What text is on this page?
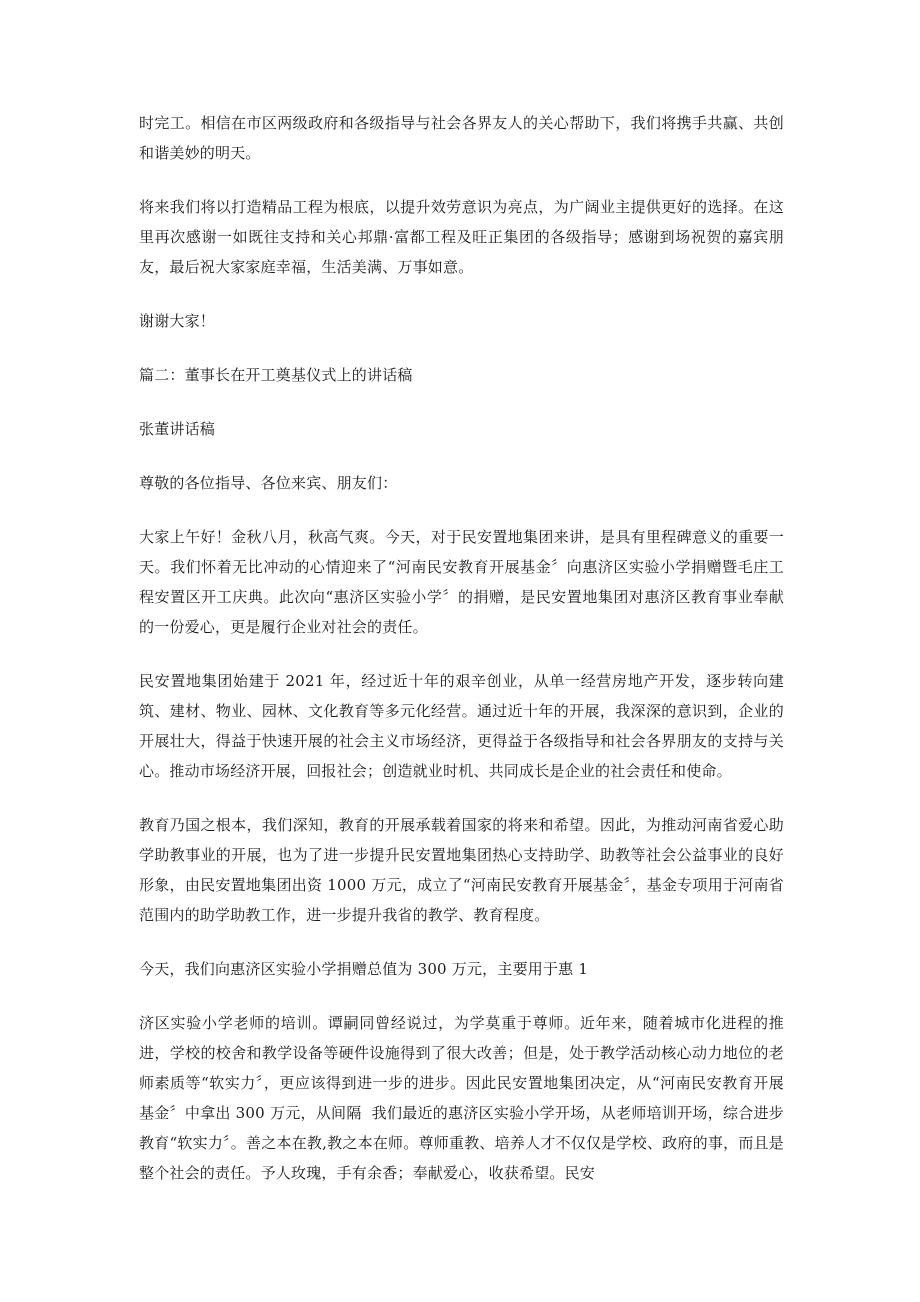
时完工。相信在市区两级政府和各级指导与社会各界友人的关心帮助下，我们将携手共赢、共创和谐美妙的明天。

将来我们将以打造精品工程为根底，以提升效劳意识为亮点，为广阔业主提供更好的选择。在这里再次感谢一如既往支持和关心邦鼎·富都工程及旺正集团的各级指导；感谢到场祝贺的嘉宾朋友，最后祝大家家庭幸福，生活美满、万事如意。

谢谢大家！

篇二：董事长在开工奠基仪式上的讲话稿

张董讲话稿

尊敬的各位指导、各位来宾、朋友们：

大家上午好！金秋八月，秋高气爽。今天，对于民安置地集团来讲，是具有里程碑意义的重要一天。我们怀着无比冲动的心情迎来了“河南民安教育开展基金〞向惠济区实验小学捐赠暨毛庄工程安置区开工庆典。此次向“惠济区实验小学〞的捐赠，是民安置地集团对惠济区教育事业奉献的一份爱心，更是履行企业对社会的责任。

民安置地集团始建于 2021 年，经过近十年的艰辛创业，从单一经营房地产开发，逐步转向建筑、建材、物业、园林、文化教育等多元化经营。通过近十年的开展，我深深的意识到，企业的开展壮大，得益于快速开展的社会主义市场经济，更得益于各级指导和社会各界朋友的支持与关心。推动市场经济开展，回报社会；创造就业时机、共同成长是企业的社会责任和使命。

教育乃国之根本，我们深知，教育的开展承载着国家的将来和希望。因此，为推动河南省爱心助学助教事业的开展，也为了进一步提升民安置地集团热心支持助学、助教等社会公益事业的良好形象，由民安置地集团出资 1000 万元，成立了“河南民安教育开展基金〞，基金专项用于河南省范围内的助学助教工作，进一步提升我省的教学、教育程度。

今天，我们向惠济区实验小学捐赠总值为 300 万元，主要用于惠 1

济区实验小学老师的培训。谭嗣同曾经说过，为学莫重于尊师。近年来，随着城市化进程的推进，学校的校舍和教学设备等硬件设施得到了很大改善；但是，处于教学活动核心动力地位的老师素质等“软实力〞，更应该得到进一步的进步。因此民安置地集团决定，从“河南民安教育开展基金〞中拿出 300 万元，从间隔  我们最近的惠济区实验小学开场，从老师培训开场，综合进步教育“软实力〞。善之本在教,教之本在师。尊师重教、培养人才不仅仅是学校、政府的事，而且是整个社会的责任。予人玫瑰，手有余香；奉献爱心，收获希望。民安
